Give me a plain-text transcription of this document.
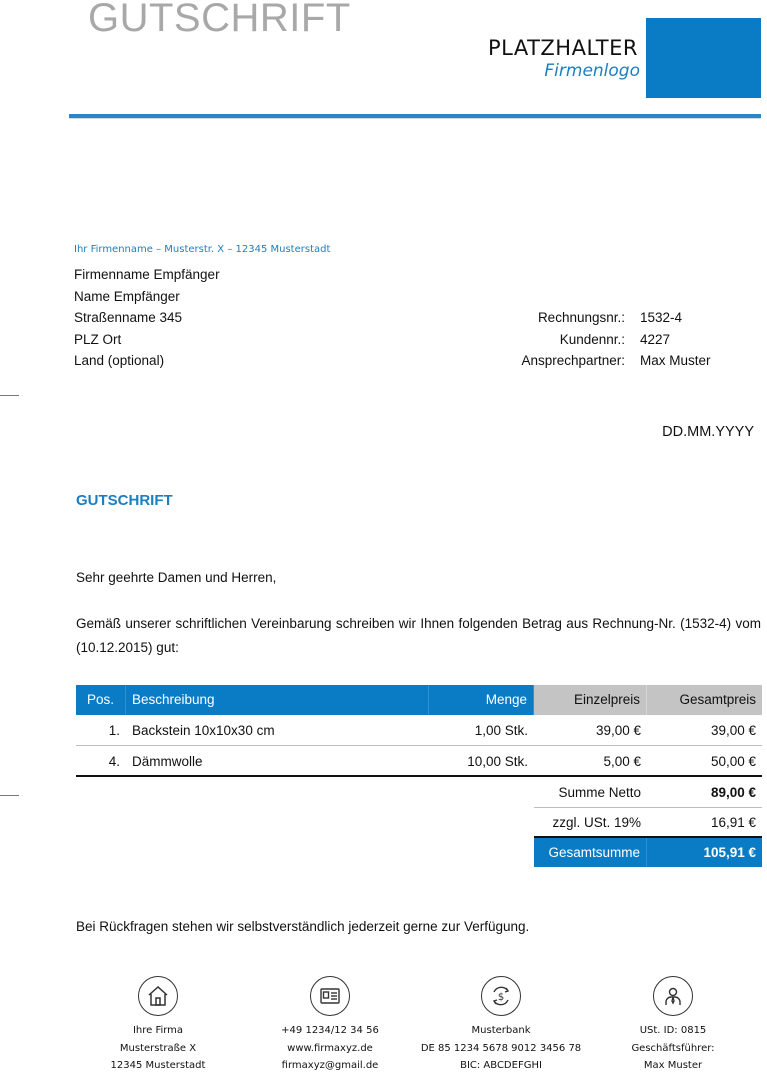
GUTSCHRIFT
PLATZHALTER
Firmenlogo
Ihr Firmenname – Musterstr. X – 12345 Musterstadt
Firmenname Empfänger
Name Empfänger
Straßenname 345
PLZ Ort
Land (optional)
Rechnungsnr.:	1532-4
Kundennr.:	4227
Ansprechpartner:	Max Muster
DD.MM.YYYY
GUTSCHRIFT
Sehr geehrte Damen und Herren,
Gemäß unserer schriftlichen Vereinbarung schreiben wir Ihnen folgenden Betrag aus Rechnung-Nr. (1532-4) vom (10.12.2015) gut:
Pos.	Beschreibung	Menge	Einzelpreis	Gesamtpreis
1. Backstein 10x10x30 cm	1,00 Stk.	39,00 €	39,00 €
4. Dämmwolle	10,00 Stk.	5,00 €	50,00 €
Summe Netto	89,00 €
zzgl. USt. 19%	16,91 €
Gesamtsumme	105,91 €
Bei Rückfragen stehen wir selbstverständlich jederzeit gerne zur Verfügung.
$
Ihre Firma
Musterstraße X
12345 Musterstadt
+49 1234/12 34 56
www.firmaxyz.de
firmaxyz@gmail.de
Musterbank
DE 85 1234 5678 9012 3456 78
BIC: ABCDEFGHI
USt. ID: 0815
Geschäftsführer:
Max Muster
